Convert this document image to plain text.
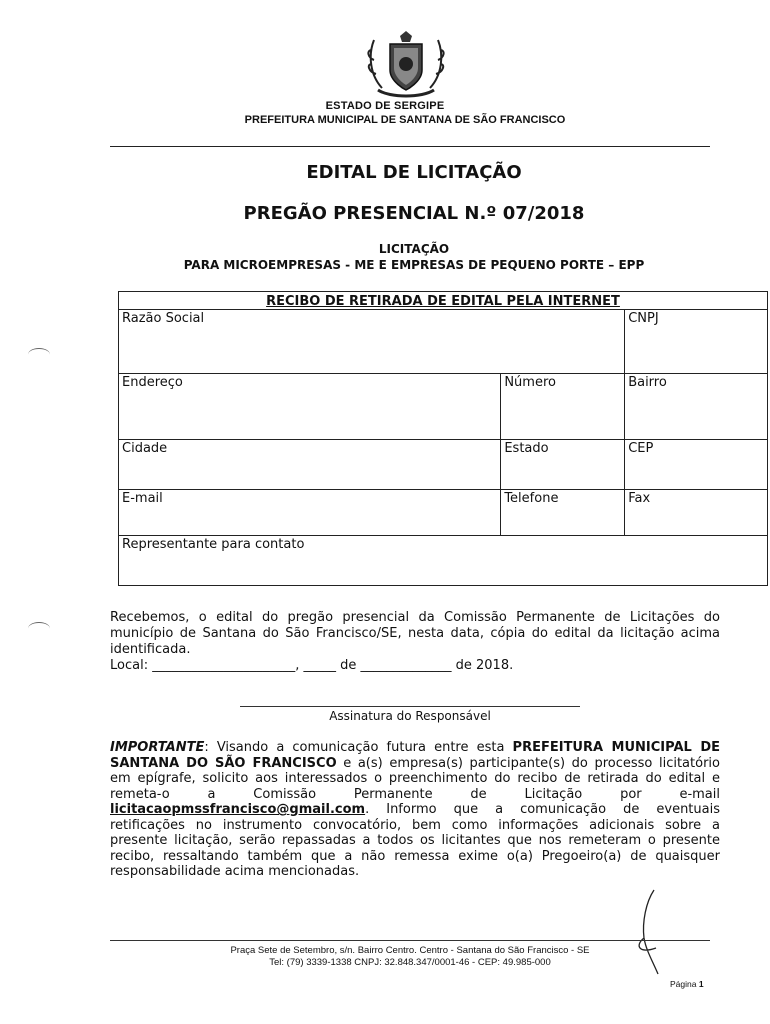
ESTADO DE SERGIPE
PREFEITURA MUNICIPAL DE SANTANA DE SÃO FRANCISCO
EDITAL DE LICITAÇÃO
PREGÃO PRESENCIAL N.º 07/2018
LICITAÇÃO
PARA MICROEMPRESAS - ME E EMPRESAS DE PEQUENO PORTE – EPP
RECIBO DE RETIRADA DE EDITAL PELA INTERNET		
Razão Social		CNPJ
Endereço	Número	Bairro
Cidade	Estado	CEP
E-mail	Telefone	Fax
Representante para contato		
Recebemos, o edital do pregão presencial da Comissão Permanente de Licitações do município de Santana do São Francisco/SE, nesta data, cópia do edital da licitação acima identificada.
Local: ______________________, _____ de ______________ de 2018.
Assinatura do Responsável
IMPORTANTE: Visando a comunicação futura entre esta PREFEITURA MUNICIPAL DE SANTANA DO SÃO FRANCISCO e a(s) empresa(s) participante(s) do processo licitatório em epígrafe, solicito aos interessados o preenchimento do recibo de retirada do edital e remeta-o a Comissão Permanente de Licitação por e-mail licitacaopmssfrancisco@gmail.com. Informo que a comunicação de eventuais retificações no instrumento convocatório, bem como informações adicionais sobre a presente licitação, serão repassadas a todos os licitantes que nos remeteram o presente recibo, ressaltando também que a não remessa exime o(a) Pregoeiro(a) de quaisquer responsabilidade acima mencionadas.
Praça Sete de Setembro, s/n. Bairro Centro. Centro - Santana do São Francisco - SE
Tel: (79) 3339-1338 CNPJ: 32.848.347/0001-46 - CEP: 49.985-000
Página 1
